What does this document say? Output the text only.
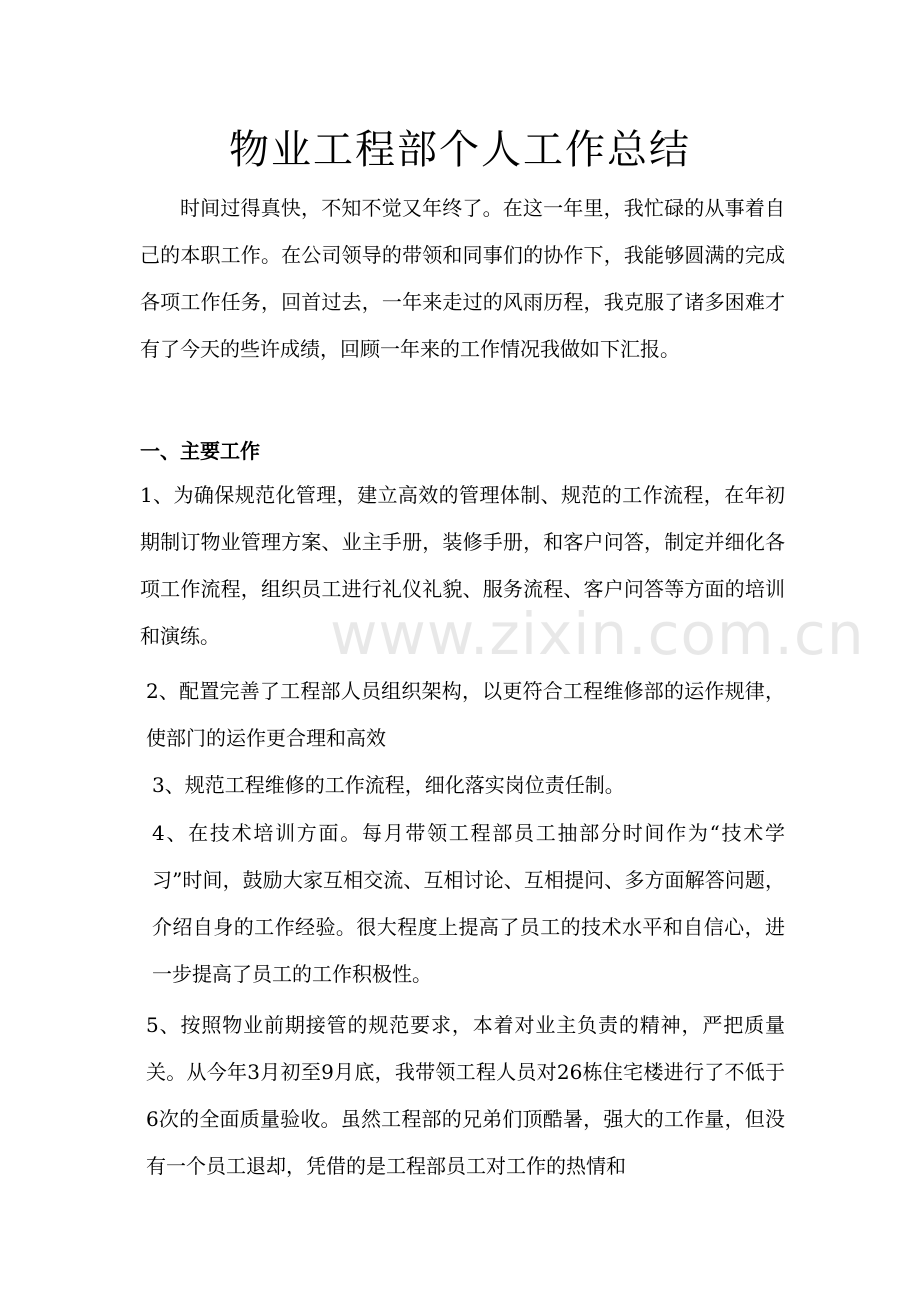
物业工程部个人工作总结
时间过得真快，不知不觉又年终了。在这一年里，我忙碌的从事着自己的本职工作。在公司领导的带领和同事们的协作下，我能够圆满的完成各项工作任务，回首过去，一年来走过的风雨历程，我克服了诸多困难才有了今天的些许成绩，回顾一年来的工作情况我做如下汇报。
一、主要工作
1、为确保规范化管理，建立高效的管理体制、规范的工作流程，在年初期制订物业管理方案、业主手册，装修手册，和客户问答，制定并细化各项工作流程，组织员工进行礼仪礼貌、服务流程、客户问答等方面的培训和演练。
2、配置完善了工程部人员组织架构，以更符合工程维修部的运作规律，使部门的运作更合理和高效
3、规范工程维修的工作流程，细化落实岗位责任制。
4、在技术培训方面。每月带领工程部员工抽部分时间作为“技术学习”时间，鼓励大家互相交流、互相讨论、互相提问、多方面解答问题，介绍自身的工作经验。很大程度上提高了员工的技术水平和自信心，进一步提高了员工的工作积极性。
5、按照物业前期接管的规范要求，本着对业主负责的精神，严把质量关。从今年3月初至9月底，我带领工程人员对26栋住宅楼进行了不低于6次的全面质量验收。虽然工程部的兄弟们顶酷暑，强大的工作量，但没有一个员工退却，凭借的是工程部员工对工作的热情和
www.zixin.com.cn
